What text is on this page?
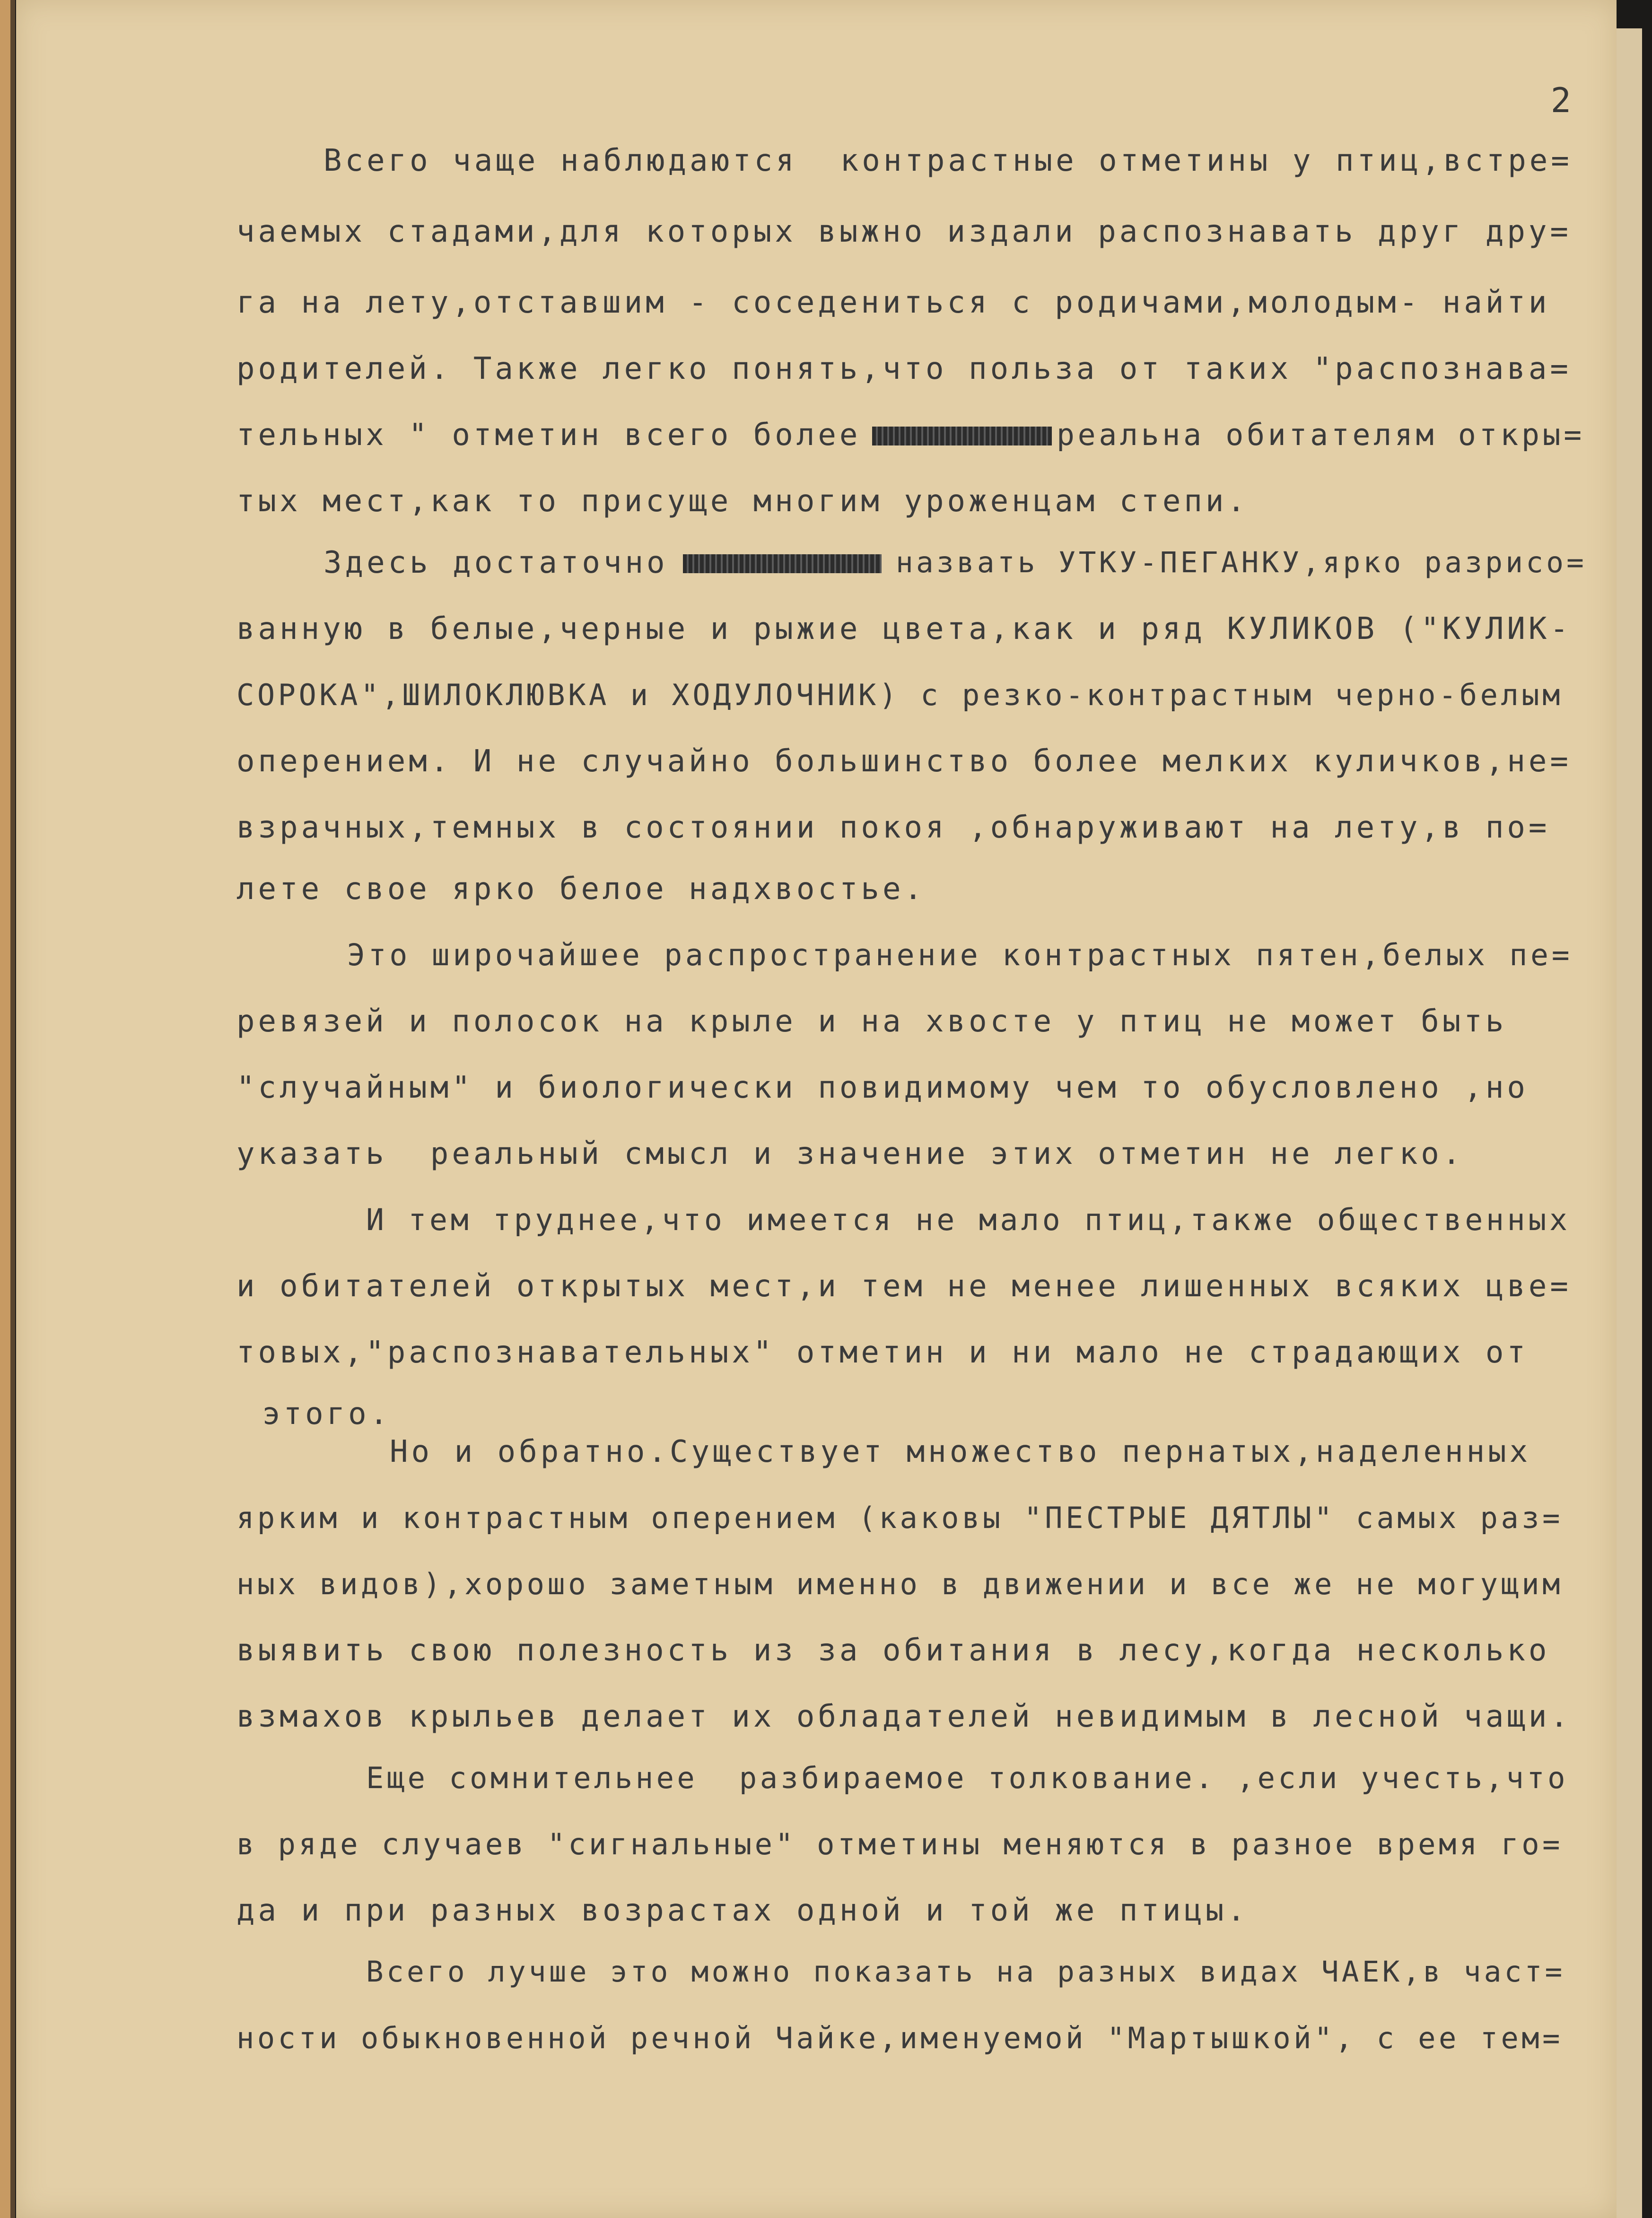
2
Всего чаще наблюдаются  контрастные отметины у птиц,встре=
чаемых стадами,для которых выжно издали распознавать друг дру=
га на лету,отставшим - соседениться с родичами,молодым- найти
родителей. Также легко понять,что польза от таких "распознава=
тельных " отметин всего более	реальна обитателям откры=
тых мест,как то присуще многим уроженцам степи.
Здесь достаточно	назвать УТКУ-ПЕГАНКУ,ярко разрисо=
ванную в белые,черные и рыжие цвета,как и ряд КУЛИКОВ ("КУЛИК-
СОРОКА",ШИЛОКЛЮВКА и ХОДУЛОЧНИК) с резко-контрастным черно-белым
оперением. И не случайно большинство более мелких куличков,не=
взрачных,темных в состоянии покоя ,обнаруживают на лету,в по=
лете свое ярко белое надхвостье.
Это широчайшее распространение контрастных пятен,белых пе=
ревязей и полосок на крыле и на хвосте у птиц не может быть
"случайным" и биологически повидимому чем то обусловлено ,но
указать  реальный смысл и значение этих отметин не легко.
И тем труднее,что имеется не мало птиц,также общественных
и обитателей открытых мест,и тем не менее лишенных всяких цве=
товых,"распознавательных" отметин и ни мало не страдающих от
этого.
Но и обратно.Существует множество пернатых,наделенных
ярким и контрастным оперением (каковы "ПЕСТРЫЕ ДЯТЛЫ" самых раз=
ных видов),хорошо заметным именно в движении и все же не могущим
выявить свою полезность из за обитания в лесу,когда несколько
взмахов крыльев делает их обладателей невидимым в лесной чащи.
Еще сомнительнее  разбираемое толкование. ,если учесть,что
в ряде случаев "сигнальные" отметины меняются в разное время го=
да и при разных возрастах одной и той же птицы.
Всего лучше это можно показать на разных видах ЧАЕК,в част=
ности обыкновенной речной Чайке,именуемой "Мартышкой", с ее тем=
